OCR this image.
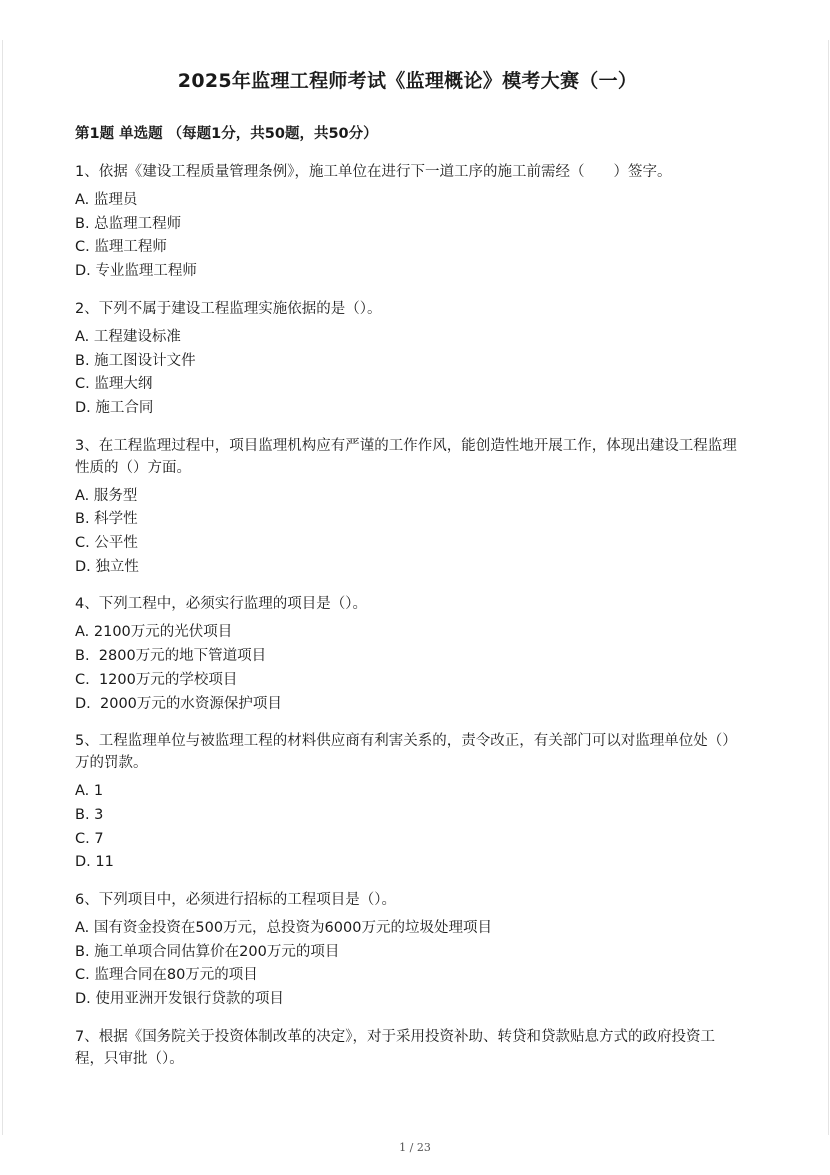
2025年监理工程师考试《监理概论》模考大赛（一）
第1题 单选题 （每题1分，共50题，共50分）
1、依据《建设工程质量管理条例》，施工单位在进行下一道工序的施工前需经（　　）签字。
A. 监理员
B. 总监理工程师
C. 监理工程师
D. 专业监理工程师
2、下列不属于建设工程监理实施依据的是（）。
A. 工程建设标准
B. 施工图设计文件
C. 监理大纲
D. 施工合同
3、在工程监理过程中，项目监理机构应有严谨的工作作风，能创造性地开展工作，体现出建设工程监理性质的（）方面。
A. 服务型
B. 科学性
C. 公平性
D. 独立性
4、下列工程中，必须实行监理的项目是（）。
A. 2100万元的光伏项目
B.  2800万元的地下管道项目
C.  1200万元的学校项目
D.  2000万元的水资源保护项目
5、工程监理单位与被监理工程的材料供应商有利害关系的，责令改正，有关部门可以对监理单位处（）万的罚款。
A. 1
B. 3
C. 7
D. 11
6、下列项目中，必须进行招标的工程项目是（）。
A. 国有资金投资在500万元，总投资为6000万元的垃圾处理项目
B. 施工单项合同估算价在200万元的项目
C. 监理合同在80万元的项目
D. 使用亚洲开发银行贷款的项目
7、根据《国务院关于投资体制改革的决定》，对于采用投资补助、转贷和贷款贴息方式的政府投资工程，只审批（）。
1 / 23
